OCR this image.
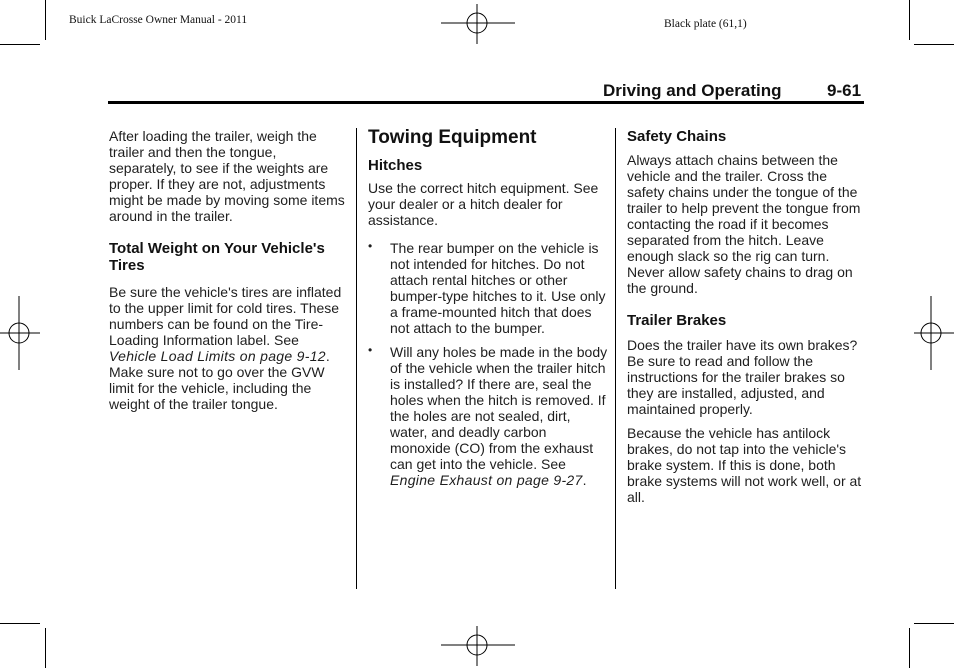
Buick LaCrosse Owner Manual - 2011	Black plate (61,1)
Driving and Operating	9-61

After loading the trailer, weigh the trailer and then the tongue, separately, to see if the weights are proper. If they are not, adjustments might be made by moving some items around in the trailer.

Total Weight on Your Vehicle's Tires

Be sure the vehicle's tires are inflated to the upper limit for cold tires. These numbers can be found on the Tire-Loading Information label. See Vehicle Load Limits on page 9-12. Make sure not to go over the GVW limit for the vehicle, including the weight of the trailer tongue.

Towing Equipment
Hitches

Use the correct hitch equipment. See your dealer or a hitch dealer for assistance.

• The rear bumper on the vehicle is not intended for hitches. Do not attach rental hitches or other bumper-type hitches to it. Use only a frame-mounted hitch that does not attach to the bumper.
• Will any holes be made in the body of the vehicle when the trailer hitch is installed? If there are, seal the holes when the hitch is removed. If the holes are not sealed, dirt, water, and deadly carbon monoxide (CO) from the exhaust can get into the vehicle. See Engine Exhaust on page 9-27.
Safety Chains

Always attach chains between the vehicle and the trailer. Cross the safety chains under the tongue of the trailer to help prevent the tongue from contacting the road if it becomes separated from the hitch. Leave enough slack so the rig can turn. Never allow safety chains to drag on the ground.

Trailer Brakes

Does the trailer have its own brakes? Be sure to read and follow the instructions for the trailer brakes so they are installed, adjusted, and maintained properly.

Because the vehicle has antilock brakes, do not tap into the vehicle's brake system. If this is done, both brake systems will not work well, or at all.
